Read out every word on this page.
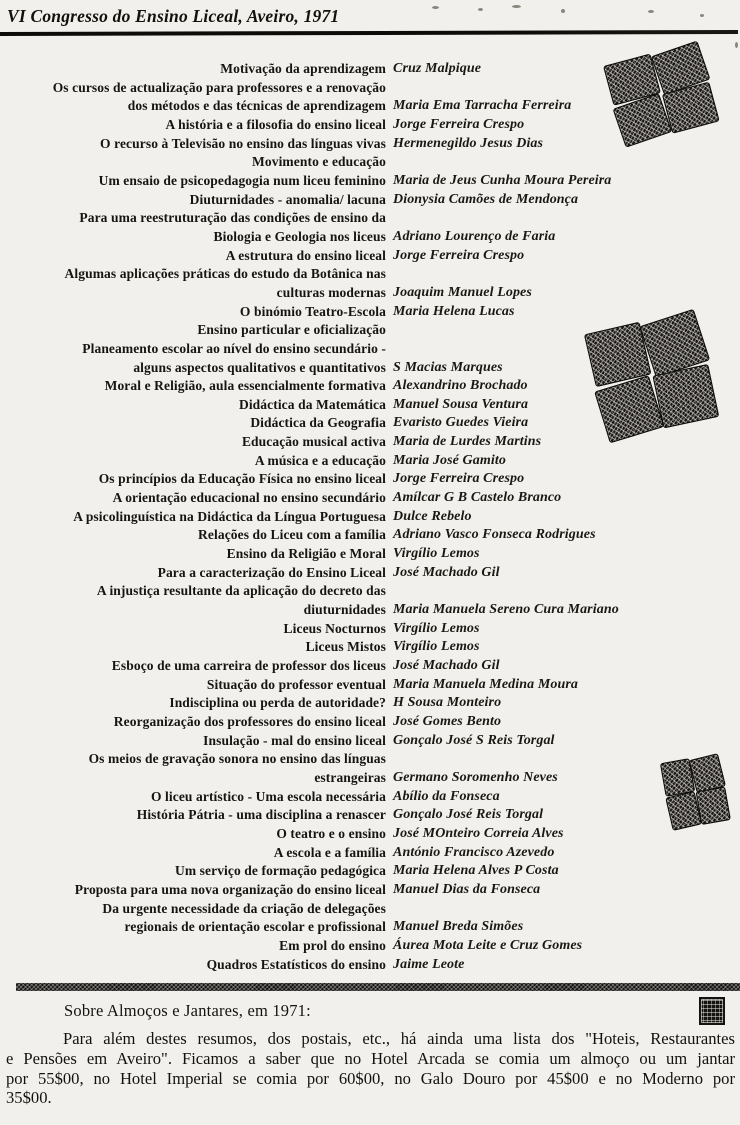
VI Congresso do Ensino Liceal, Aveiro, 1971
Motivação da aprendizagem Cruz Malpique
Os cursos de actualização para professores e a renovação
dos métodos e das técnicas de aprendizagem Maria Ema Tarracha Ferreira
A história e a filosofia do ensino liceal Jorge Ferreira Crespo
O recurso à Televisão no ensino das línguas vivas Hermenegildo Jesus Dias
Movimento e educação
Um ensaio de psicopedagogia num liceu feminino Maria de Jeus Cunha Moura Pereira
Diuturnidades - anomalia/ lacuna Dionysia Camões de Mendonça
Para uma reestruturação das condições de ensino da
Biologia e Geologia nos liceus Adriano Lourenço de Faria
A estrutura do ensino liceal Jorge Ferreira Crespo
Algumas aplicações práticas do estudo da Botânica nas
culturas modernas Joaquim Manuel Lopes
O binómio Teatro-Escola Maria Helena Lucas
Ensino particular e oficialização
Planeamento escolar ao nível do ensino secundário -
alguns aspectos qualitativos e quantitativos S Macias Marques
Moral e Religião, aula essencialmente formativa Alexandrino Brochado
Didáctica da Matemática Manuel Sousa Ventura
Didáctica da Geografia Evaristo Guedes Vieira
Educação musical activa Maria de Lurdes Martins
A música e a educação Maria José Gamito
Os princípios da Educação Física no ensino liceal Jorge Ferreira Crespo
A orientação educacional no ensino secundário Amílcar G B Castelo Branco
A psicolinguística na Didáctica da Língua Portuguesa Dulce Rebelo
Relações do Liceu com a família Adriano Vasco Fonseca Rodrigues
Ensino da Religião e Moral Virgílio Lemos
Para a caracterização do Ensino Liceal José Machado Gil
A injustiça resultante da aplicação do decreto das
diuturnidades Maria Manuela Sereno Cura Mariano
Liceus Nocturnos Virgílio Lemos
Liceus Mistos Virgílio Lemos
Esboço de uma carreira de professor dos liceus José Machado Gil
Situação do professor eventual Maria Manuela Medina Moura
Indisciplina ou perda de autoridade? H Sousa Monteiro
Reorganização dos professores do ensino liceal José Gomes Bento
Insulação - mal do ensino liceal Gonçalo José S Reis Torgal
Os meios de gravação sonora no ensino das línguas
estrangeiras Germano Soromenho Neves
O liceu artístico - Uma escola necessária Abílio da Fonseca
História Pátria - uma disciplina a renascer Gonçalo José Reis Torgal
O teatro e o ensino José MOnteiro Correia Alves
A escola e a família António Francisco Azevedo
Um serviço de formação pedagógica Maria Helena Alves P Costa
Proposta para uma nova organização do ensino liceal Manuel Dias da Fonseca
Da urgente necessidade da criação de delegações
regionais de orientação escolar e profissional Manuel Breda Simões
Em prol do ensino Áurea Mota Leite e Cruz Gomes
Quadros Estatísticos do ensino Jaime Leote
Sobre Almoços e Jantares, em 1971:
Para além destes resumos, dos postais, etc., há ainda uma lista dos "Hoteis, Restaurantes
e Pensões em Aveiro". Ficamos a saber que no Hotel Arcada se comia um almoço ou um jantar
por 55$00, no Hotel Imperial se comia por 60$00, no Galo Douro por 45$00 e no Moderno por
35$00.
